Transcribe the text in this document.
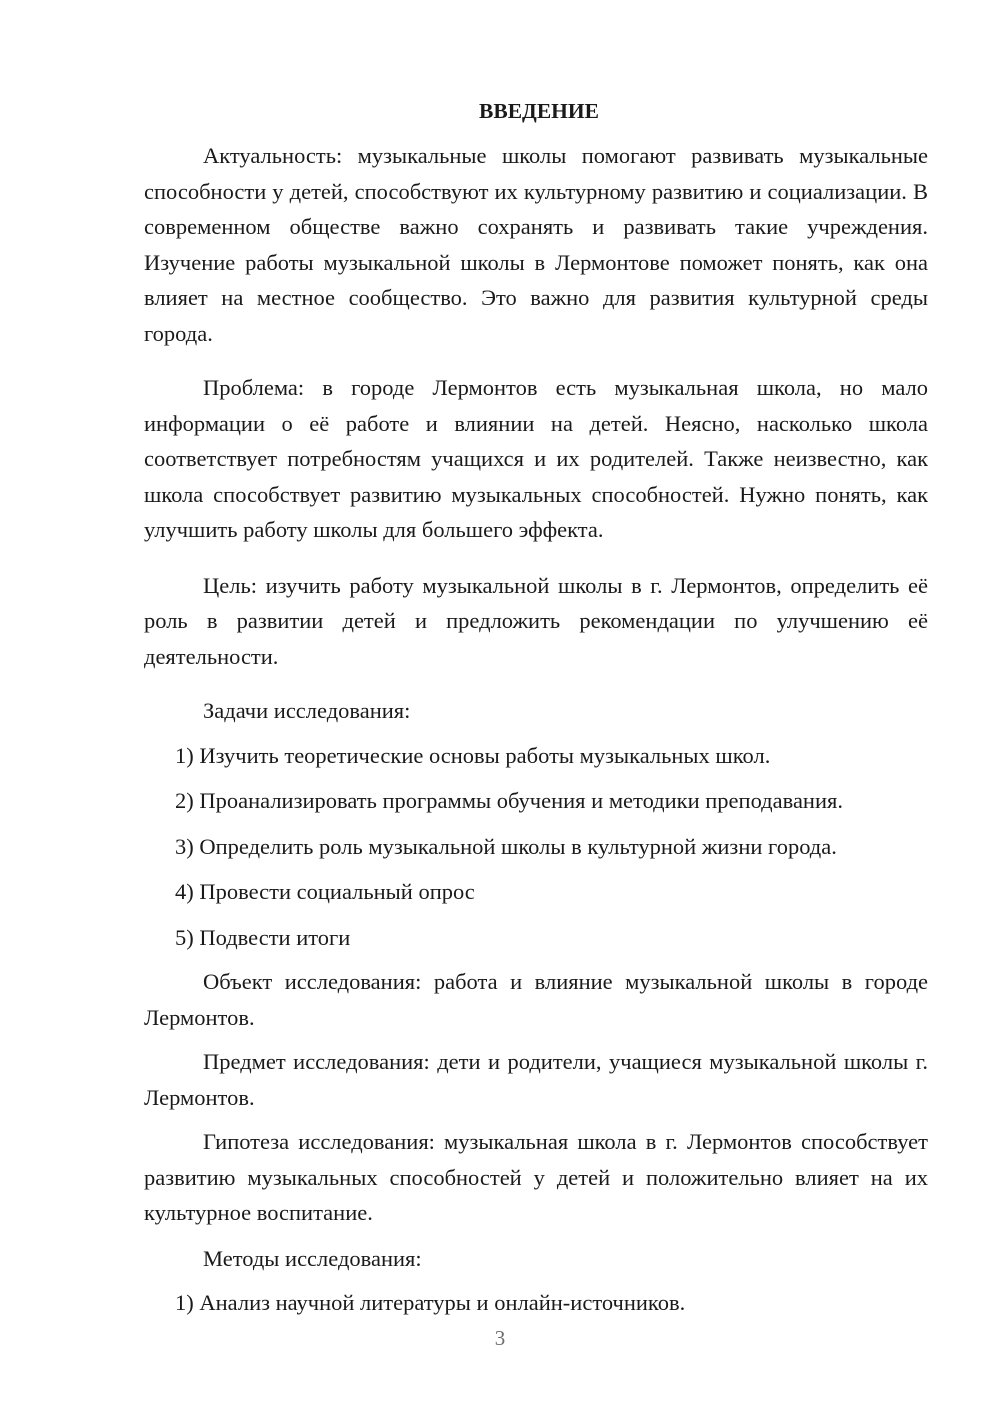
ВВЕДЕНИЕ

Актуальность: музыкальные школы помогают развивать музыкальные способности у детей, способствуют их культурному развитию и социализации. В современном обществе важно сохранять и развивать такие учреждения. Изучение работы музыкальной школы в Лермонтове поможет понять, как она влияет на местное сообщество. Это важно для развития культурной среды города.

Проблема: в городе Лермонтов есть музыкальная школа, но мало информации о её работе и влиянии на детей. Неясно, насколько школа соответствует потребностям учащихся и их родителей. Также неизвестно, как школа способствует развитию музыкальных способностей. Нужно понять, как улучшить работу школы для большего эффекта.

Цель: изучить работу музыкальной школы в г. Лермонтов, определить её роль в развитии детей и предложить рекомендации по улучшению её деятельности.

Задачи исследования:

1) Изучить теоретические основы работы музыкальных школ.

2) Проанализировать программы обучения и методики преподавания.

3) Определить роль музыкальной школы в культурной жизни города.

4) Провести социальный опрос

5) Подвести итоги

Объект исследования: работа и влияние музыкальной школы в городе Лермонтов.

Предмет исследования: дети и родители, учащиеся музыкальной школы г. Лермонтов.

Гипотеза исследования: музыкальная школа в г. Лермонтов способствует развитию музыкальных способностей у детей и положительно влияет на их культурное воспитание.

Методы исследования:

1) Анализ научной литературы и онлайн-источников.

3
